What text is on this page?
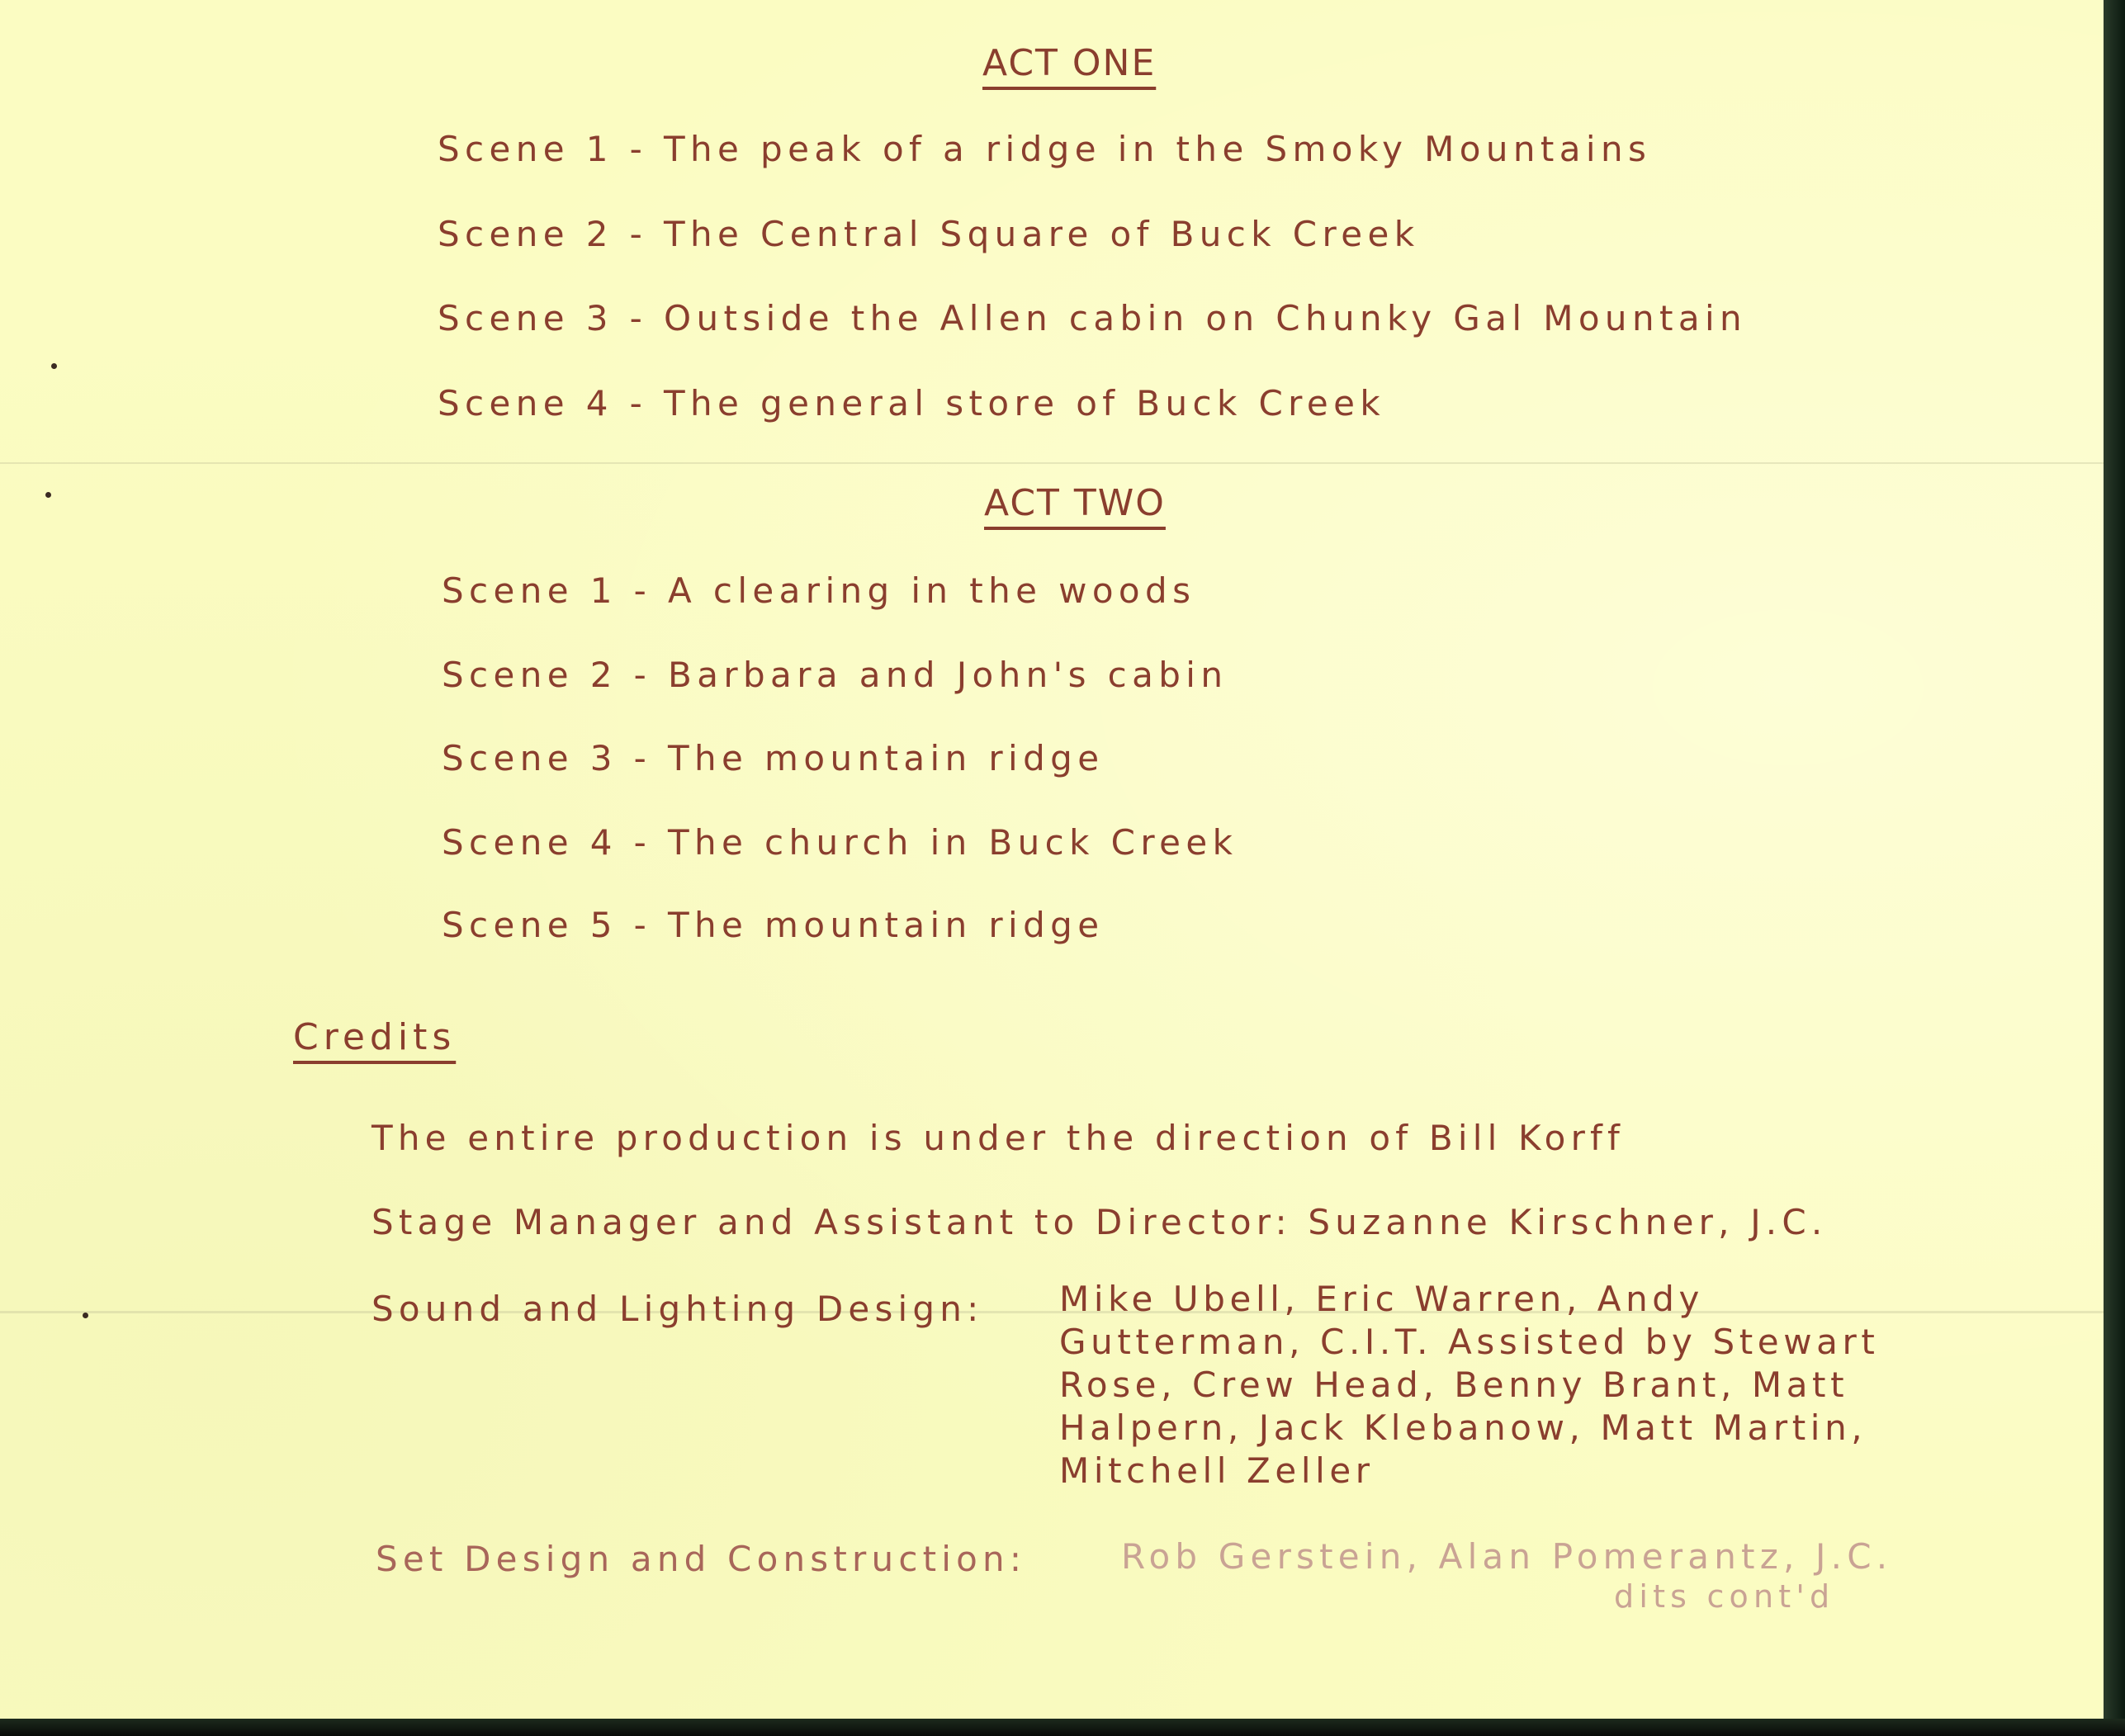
ACT ONE
Scene 1 - The peak of a ridge in the Smoky Mountains
Scene 2 - The Central Square of Buck Creek
Scene 3 - Outside the Allen cabin on Chunky Gal Mountain
Scene 4 - The general store of Buck Creek
ACT TWO
Scene 1 - A clearing in the woods
Scene 2 - Barbara and John's cabin
Scene 3 - The mountain ridge
Scene 4 - The church in Buck Creek
Scene 5 - The mountain ridge
Credits
The entire production is under the direction of Bill Korff
Stage Manager and Assistant to Director: Suzanne Kirschner, J.C.
Sound and Lighting Design: Mike Ubell, Eric Warren, Andy
Gutterman, C.I.T. Assisted by Stewart
Rose, Crew Head, Benny Brant, Matt
Halpern, Jack Klebanow, Matt Martin,
Mitchell Zeller
Set Design and Construction:	Rob Gerstein, Alan Pomerantz, J.C.
dits cont'd
